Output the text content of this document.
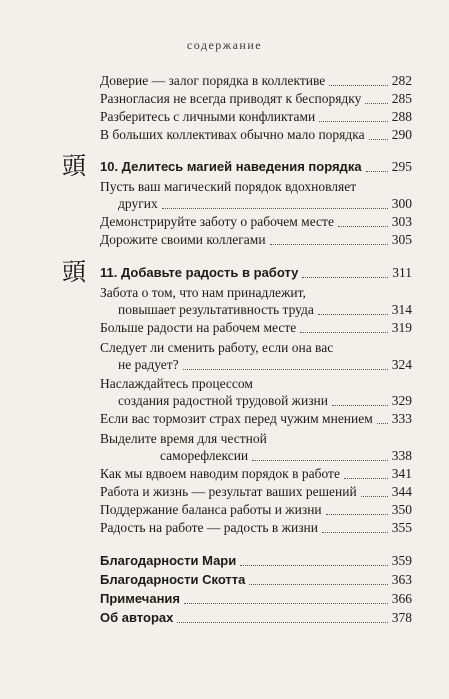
содержание
頭
頭
Доверие — залог порядка в коллективе	282
Разногласия не всегда приводят к беспорядку 285
Разберитесь с личными конфликтами	288
В больших коллективах обычно мало порядка 290
10. Делитесь магией наведения порядка 295
Пусть ваш магический порядок вдохновляет
других	300
Демонстрируйте заботу о рабочем месте	303
Дорожите своими коллегами	305
11. Добавьте радость в работу	311
Забота о том, что нам принадлежит,
повышает результативность труда	314
Больше радости на рабочем месте	319
Следует ли сменить работу, если она вас
не радует?	324
Наслаждайтесь процессом
создания радостной трудовой жизни	329
Если вас тормозит страх перед чужим мнением 333
Выделите время для честной
саморефлексии	338
Как мы вдвоем наводим порядок в работе	341
Работа и жизнь — результат ваших решений	344
Поддержание баланса работы и жизни	350
Радость на работе — радость в жизни	355
Благодарности Мари	359
Благодарности Скотта	363
Примечания	366
Об авторах	378
